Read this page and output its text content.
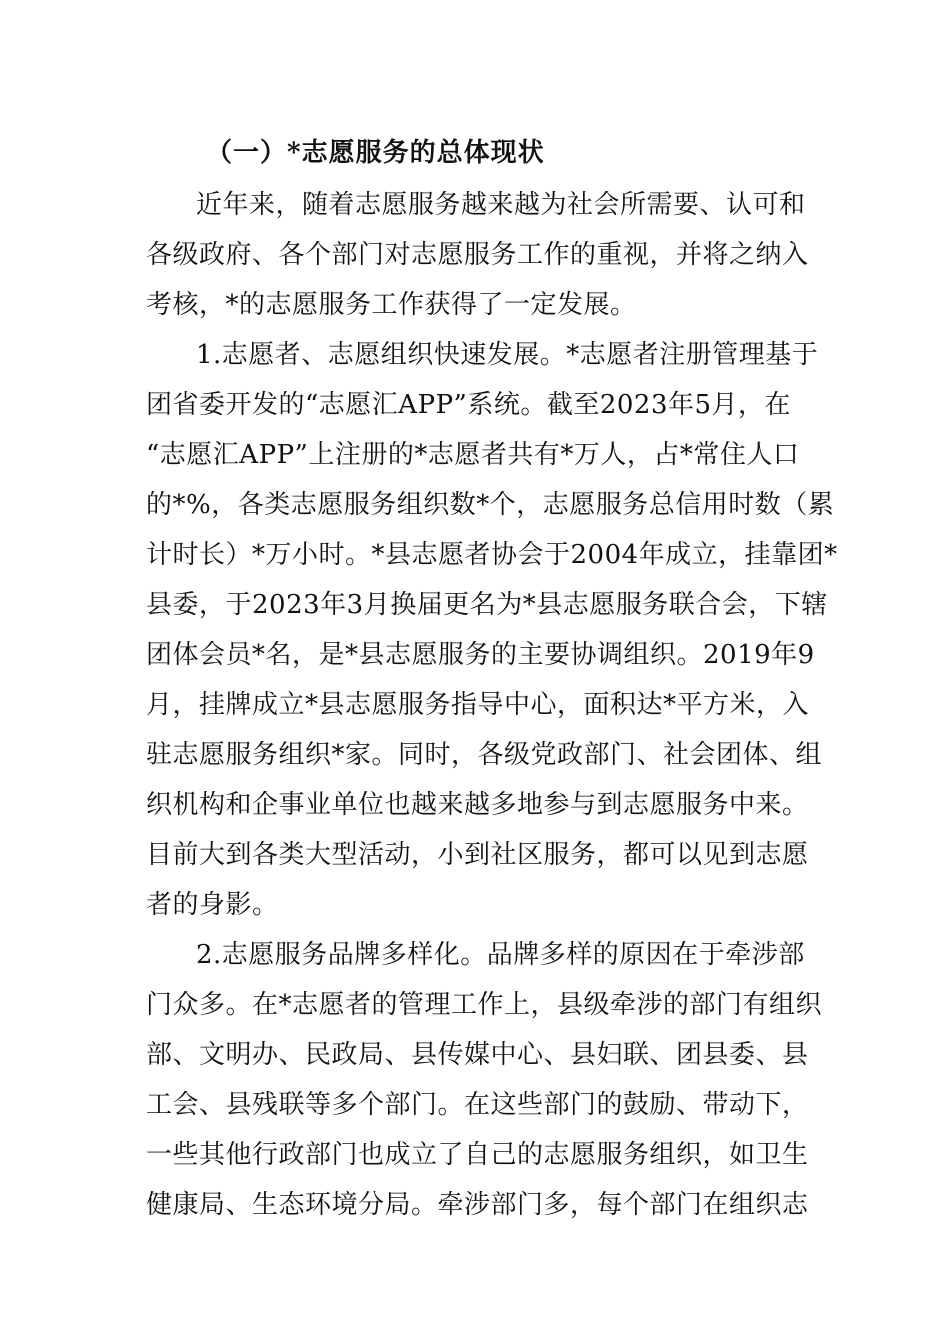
（一）*志愿服务的总体现状
近年来，随着志愿服务越来越为社会所需要、认可和
各级政府、各个部门对志愿服务工作的重视，并将之纳入
考核，*的志愿服务工作获得了一定发展。
1.志愿者、志愿组织快速发展。*志愿者注册管理基于
团省委开发的“志愿汇APP”系统。截至2023年5月，在
“志愿汇APP”上注册的*志愿者共有*万人，占*常住人口
的*%，各类志愿服务组织数*个，志愿服务总信用时数（累
计时长）*万小时。*县志愿者协会于2004年成立，挂靠团*
县委，于2023年3月换届更名为*县志愿服务联合会，下辖
团体会员*名，是*县志愿服务的主要协调组织。2019年9
月，挂牌成立*县志愿服务指导中心，面积达*平方米，入
驻志愿服务组织*家。同时，各级党政部门、社会团体、组
织机构和企事业单位也越来越多地参与到志愿服务中来。
目前大到各类大型活动，小到社区服务，都可以见到志愿
者的身影。
2.志愿服务品牌多样化。品牌多样的原因在于牵涉部
门众多。在*志愿者的管理工作上，县级牵涉的部门有组织
部、文明办、民政局、县传媒中心、县妇联、团县委、县
工会、县残联等多个部门。在这些部门的鼓励、带动下，
一些其他行政部门也成立了自己的志愿服务组织，如卫生
健康局、生态环境分局。牵涉部门多，每个部门在组织志
